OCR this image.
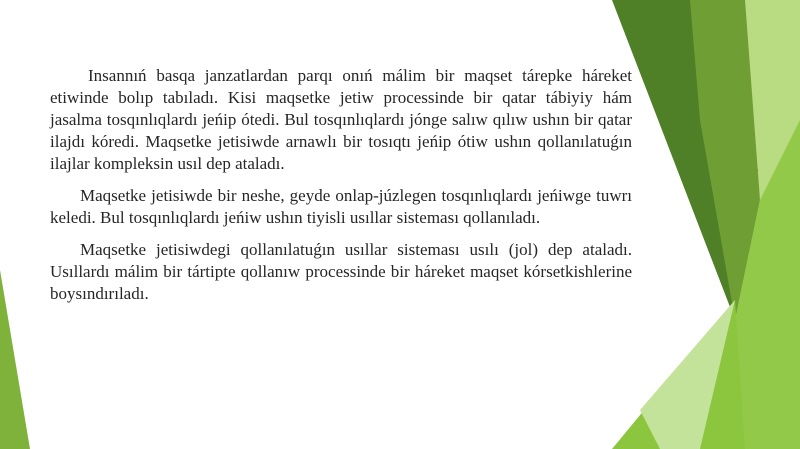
Insannıń basqa janzatlardan parqı onıń málim bir maqset tárepke háreket etiwinde bolıp tabıladı. Kisi maqsetke jetiw processinde bir qatar tábiyiy hám jasalma tosqınlıqlardı jeńip ótedi. Bul tosqınlıqlardı jónge salıw qılıw ushın bir qatar ilajdı kóredi. Maqsetke jetisiwde arnawlı bir tosıqtı jeńip ótiw ushın qollanılatuǵın ilajlar kompleksin usıl dep ataladı.

Maqsetke jetisiwde bir neshe, geyde onlap-júzlegen tosqınlıqlardı jeńiwge tuwrı keledi. Bul tosqınlıqlardı jeńiw ushın tiyisli usıllar sisteması qollanıladı.

Maqsetke jetisiwdegi qollanılatuǵın usıllar sisteması usılı (jol) dep ataladı. Usıllardı málim bir tártipte qollanıw processinde bir háreket maqset kórsetkishlerine boysındırıladı.
